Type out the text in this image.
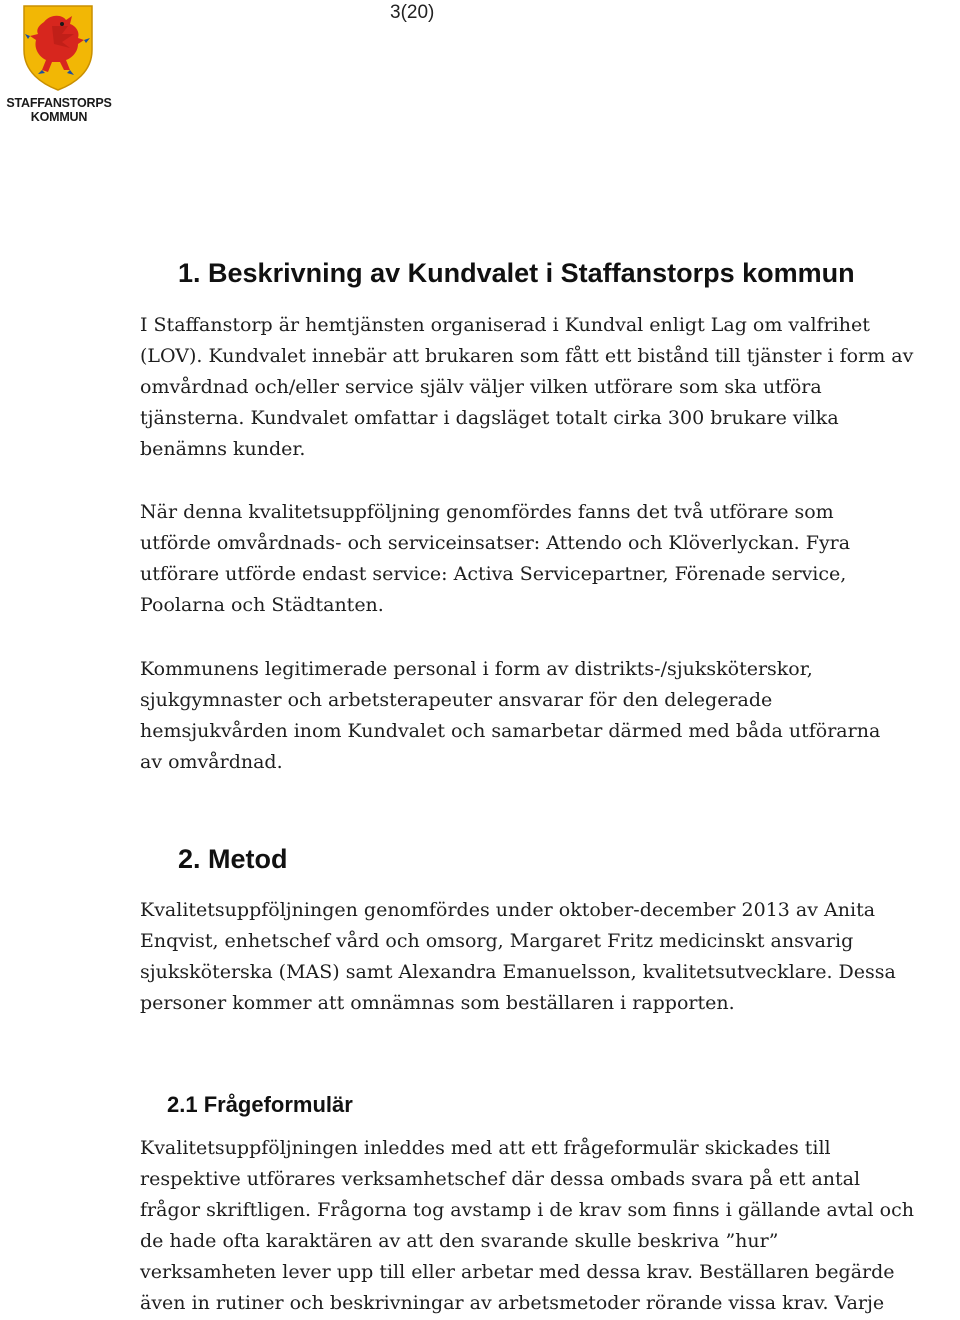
3(20)
STAFFANSTORPS
KOMMUN
1. Beskrivning av Kundvalet i Staffanstorps kommun

I Staffanstorp är hemtjänsten organiserad i Kundval enligt Lag om valfrihet
(LOV). Kundvalet innebär att brukaren som fått ett bistånd till tjänster i form av
omvårdnad och/eller service själv väljer vilken utförare som ska utföra
tjänsterna. Kundvalet omfattar i dagsläget totalt cirka 300 brukare vilka
benämns kunder.

När denna kvalitetsuppföljning genomfördes fanns det två utförare som
utförde omvårdnads- och serviceinsatser: Attendo och Klöverlyckan. Fyra
utförare utförde endast service: Activa Servicepartner, Förenade service,
Poolarna och Städtanten.

Kommunens legitimerade personal i form av distrikts-/sjuksköterskor,
sjukgymnaster och arbetsterapeuter ansvarar för den delegerade
hemsjukvården inom Kundvalet och samarbetar därmed med båda utförarna
av omvårdnad.

2. Metod

Kvalitetsuppföljningen genomfördes under oktober-december 2013 av Anita
Enqvist, enhetschef vård och omsorg, Margaret Fritz medicinskt ansvarig
sjuksköterska (MAS) samt Alexandra Emanuelsson, kvalitetsutvecklare. Dessa
personer kommer att omnämnas som beställaren i rapporten.

2.1 Frågeformulär

Kvalitetsuppföljningen inleddes med att ett frågeformulär skickades till
respektive utförares verksamhetschef där dessa ombads svara på ett antal
frågor skriftligen. Frågorna tog avstamp i de krav som finns i gällande avtal och
de hade ofta karaktären av att den svarande skulle beskriva ”hur”
verksamheten lever upp till eller arbetar med dessa krav. Beställaren begärde
även in rutiner och beskrivningar av arbetsmetoder rörande vissa krav. Varje
